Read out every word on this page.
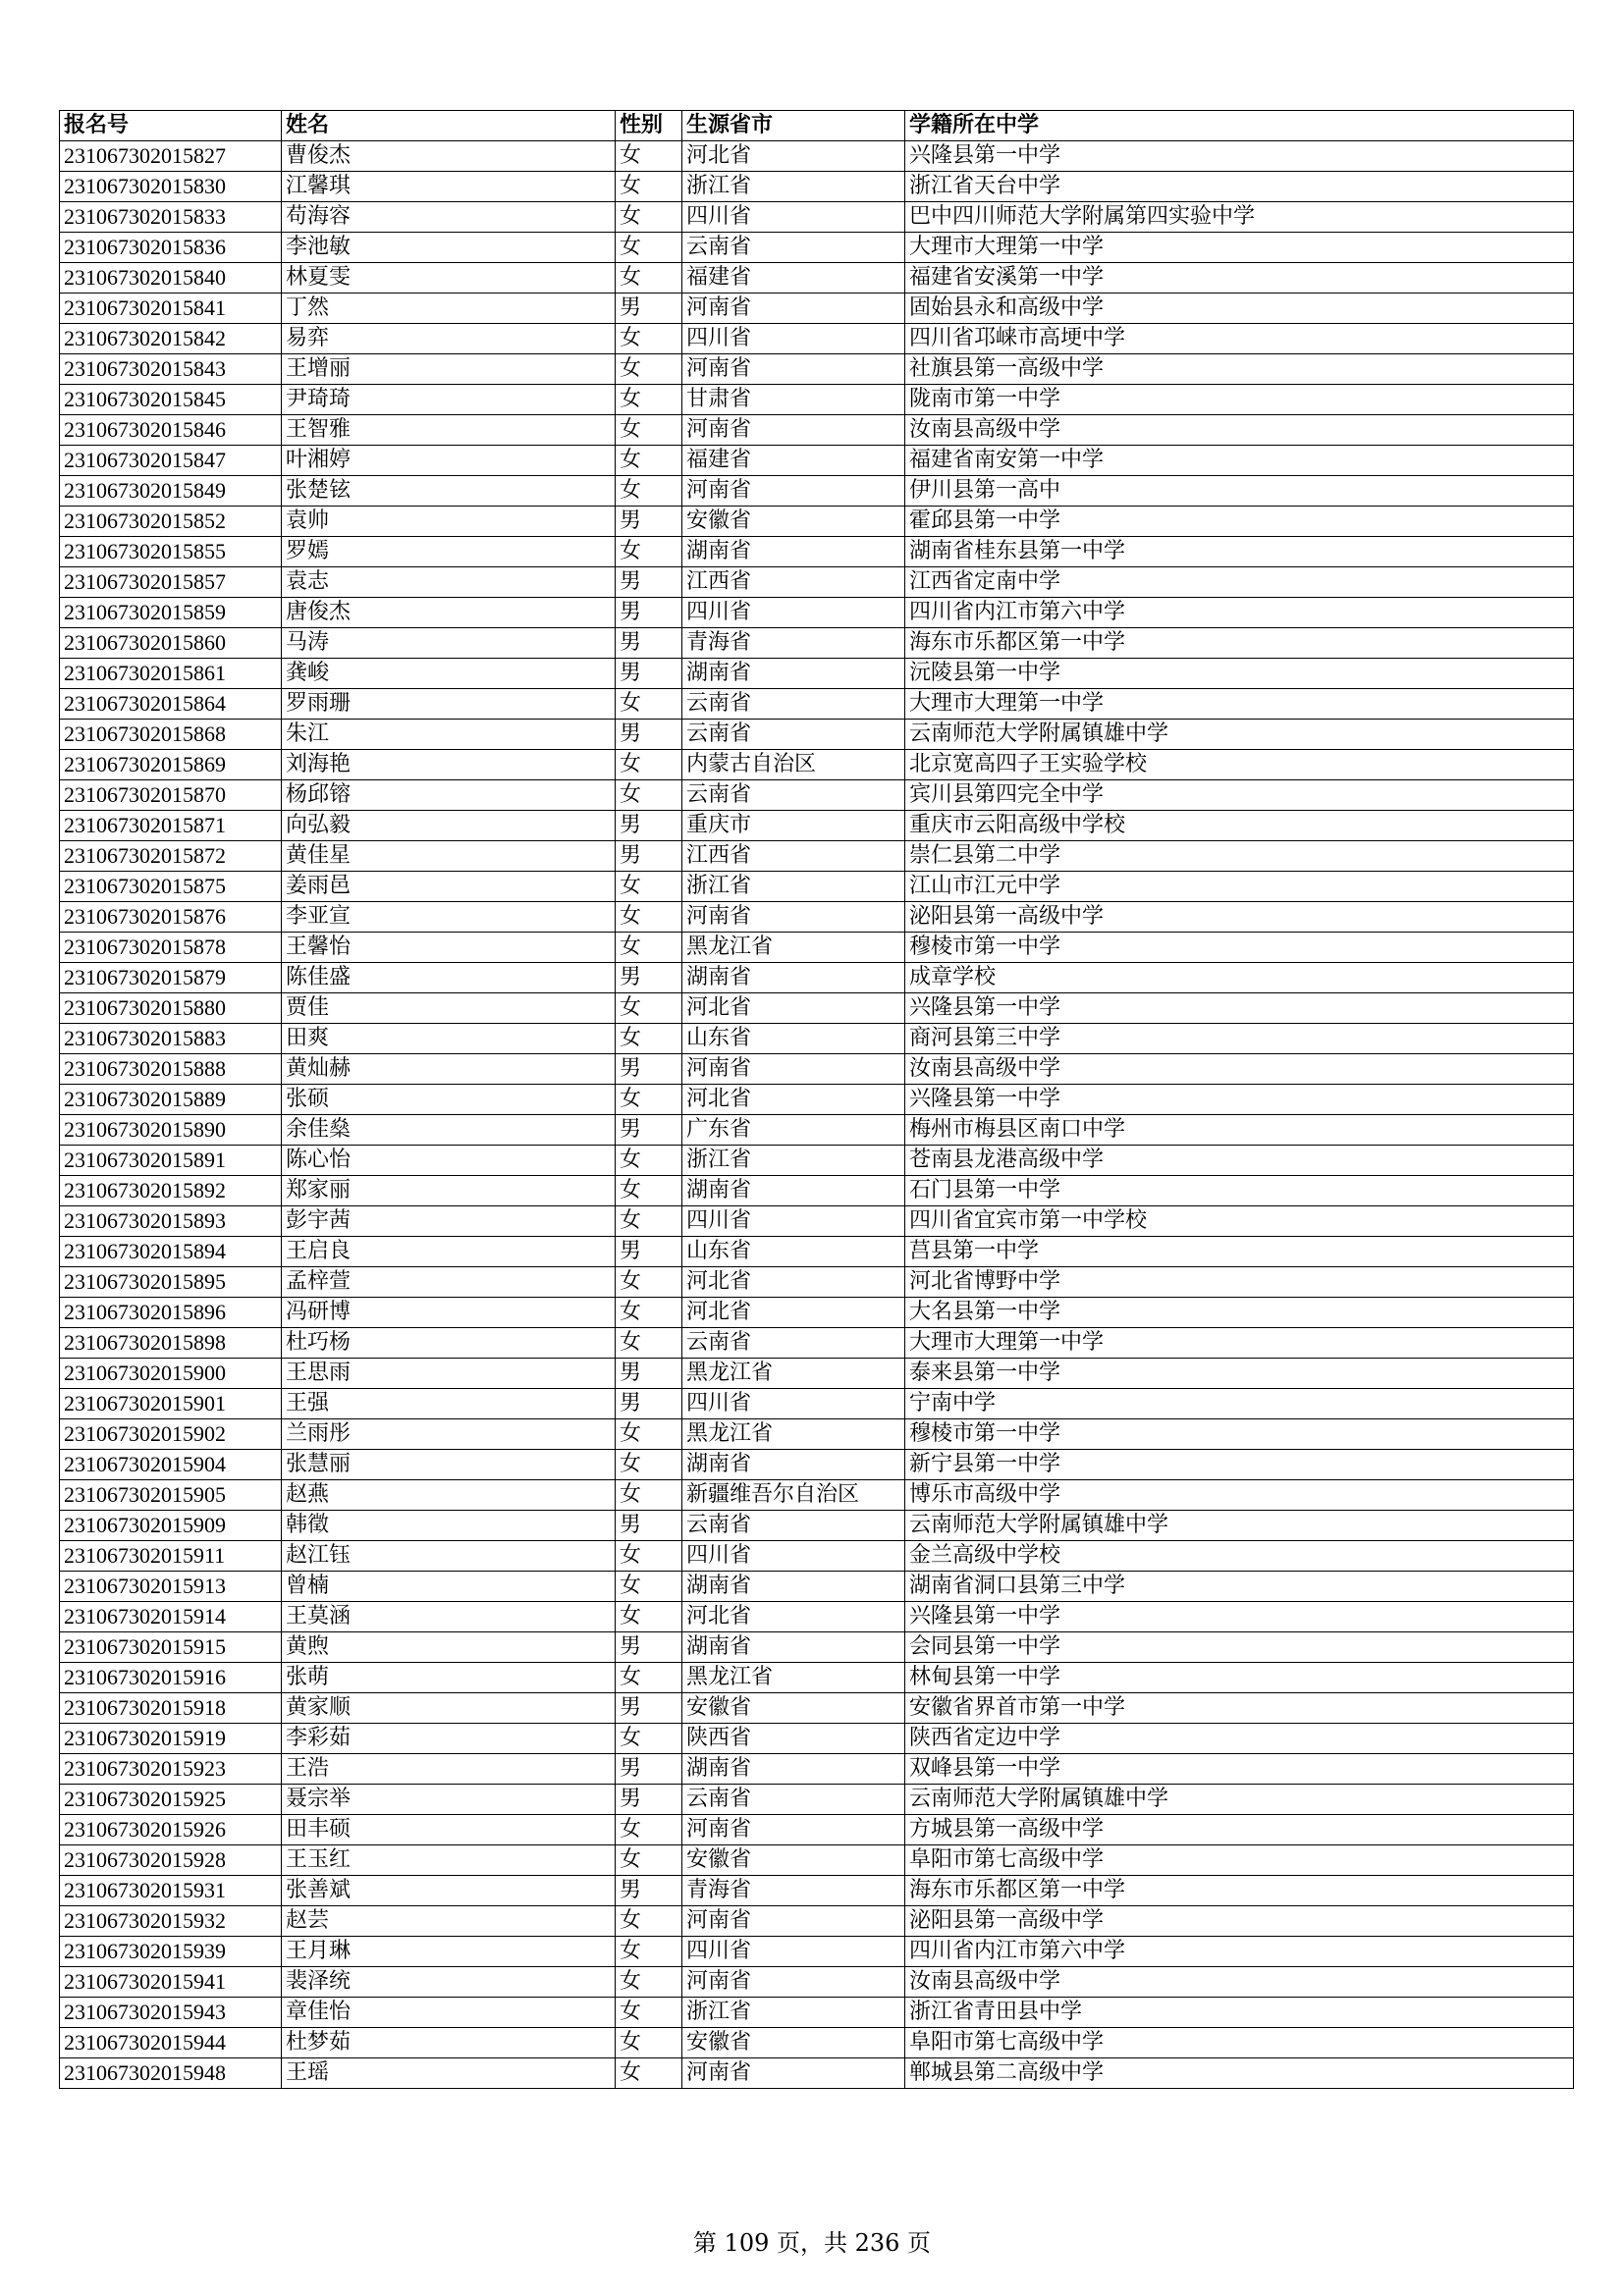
报名号	姓名	性别	生源省市	学籍所在中学
231067302015827	曹俊杰	女	河北省	兴隆县第一中学
231067302015830	江馨琪	女	浙江省	浙江省天台中学
231067302015833	苟海容	女	四川省	巴中四川师范大学附属第四实验中学
231067302015836	李池敏	女	云南省	大理市大理第一中学
231067302015840	林夏雯	女	福建省	福建省安溪第一中学
231067302015841	丁然	男	河南省	固始县永和高级中学
231067302015842	易弈	女	四川省	四川省邛崃市高埂中学
231067302015843	王增丽	女	河南省	社旗县第一高级中学
231067302015845	尹琦琦	女	甘肃省	陇南市第一中学
231067302015846	王智雅	女	河南省	汝南县高级中学
231067302015847	叶湘婷	女	福建省	福建省南安第一中学
231067302015849	张楚铉	女	河南省	伊川县第一高中
231067302015852	袁帅	男	安徽省	霍邱县第一中学
231067302015855	罗嫣	女	湖南省	湖南省桂东县第一中学
231067302015857	袁志	男	江西省	江西省定南中学
231067302015859	唐俊杰	男	四川省	四川省内江市第六中学
231067302015860	马涛	男	青海省	海东市乐都区第一中学
231067302015861	龚峻	男	湖南省	沅陵县第一中学
231067302015864	罗雨珊	女	云南省	大理市大理第一中学
231067302015868	朱江	男	云南省	云南师范大学附属镇雄中学
231067302015869	刘海艳	女	内蒙古自治区	北京宽高四子王实验学校
231067302015870	杨邱镕	女	云南省	宾川县第四完全中学
231067302015871	向弘毅	男	重庆市	重庆市云阳高级中学校
231067302015872	黄佳星	男	江西省	崇仁县第二中学
231067302015875	姜雨邑	女	浙江省	江山市江元中学
231067302015876	李亚宣	女	河南省	泌阳县第一高级中学
231067302015878	王馨怡	女	黑龙江省	穆棱市第一中学
231067302015879	陈佳盛	男	湖南省	成章学校
231067302015880	贾佳	女	河北省	兴隆县第一中学
231067302015883	田爽	女	山东省	商河县第三中学
231067302015888	黄灿赫	男	河南省	汝南县高级中学
231067302015889	张硕	女	河北省	兴隆县第一中学
231067302015890	余佳燊	男	广东省	梅州市梅县区南口中学
231067302015891	陈心怡	女	浙江省	苍南县龙港高级中学
231067302015892	郑家丽	女	湖南省	石门县第一中学
231067302015893	彭宇茜	女	四川省	四川省宜宾市第一中学校
231067302015894	王启良	男	山东省	莒县第一中学
231067302015895	孟梓萱	女	河北省	河北省博野中学
231067302015896	冯研博	女	河北省	大名县第一中学
231067302015898	杜巧杨	女	云南省	大理市大理第一中学
231067302015900	王思雨	男	黑龙江省	泰来县第一中学
231067302015901	王强	男	四川省	宁南中学
231067302015902	兰雨彤	女	黑龙江省	穆棱市第一中学
231067302015904	张慧丽	女	湖南省	新宁县第一中学
231067302015905	赵燕	女	新疆维吾尔自治区	博乐市高级中学
231067302015909	韩徵	男	云南省	云南师范大学附属镇雄中学
231067302015911	赵江钰	女	四川省	金兰高级中学校
231067302015913	曾楠	女	湖南省	湖南省洞口县第三中学
231067302015914	王莫涵	女	河北省	兴隆县第一中学
231067302015915	黄煦	男	湖南省	会同县第一中学
231067302015916	张萌	女	黑龙江省	林甸县第一中学
231067302015918	黄家顺	男	安徽省	安徽省界首市第一中学
231067302015919	李彩茹	女	陕西省	陕西省定边中学
231067302015923	王浩	男	湖南省	双峰县第一中学
231067302015925	聂宗举	男	云南省	云南师范大学附属镇雄中学
231067302015926	田丰硕	女	河南省	方城县第一高级中学
231067302015928	王玉红	女	安徽省	阜阳市第七高级中学
231067302015931	张善斌	男	青海省	海东市乐都区第一中学
231067302015932	赵芸	女	河南省	泌阳县第一高级中学
231067302015939	王月琳	女	四川省	四川省内江市第六中学
231067302015941	裴泽统	女	河南省	汝南县高级中学
231067302015943	章佳怡	女	浙江省	浙江省青田县中学
231067302015944	杜梦茹	女	安徽省	阜阳市第七高级中学
231067302015948	王瑶	女	河南省	郸城县第二高级中学
第 109 页，共 236 页
